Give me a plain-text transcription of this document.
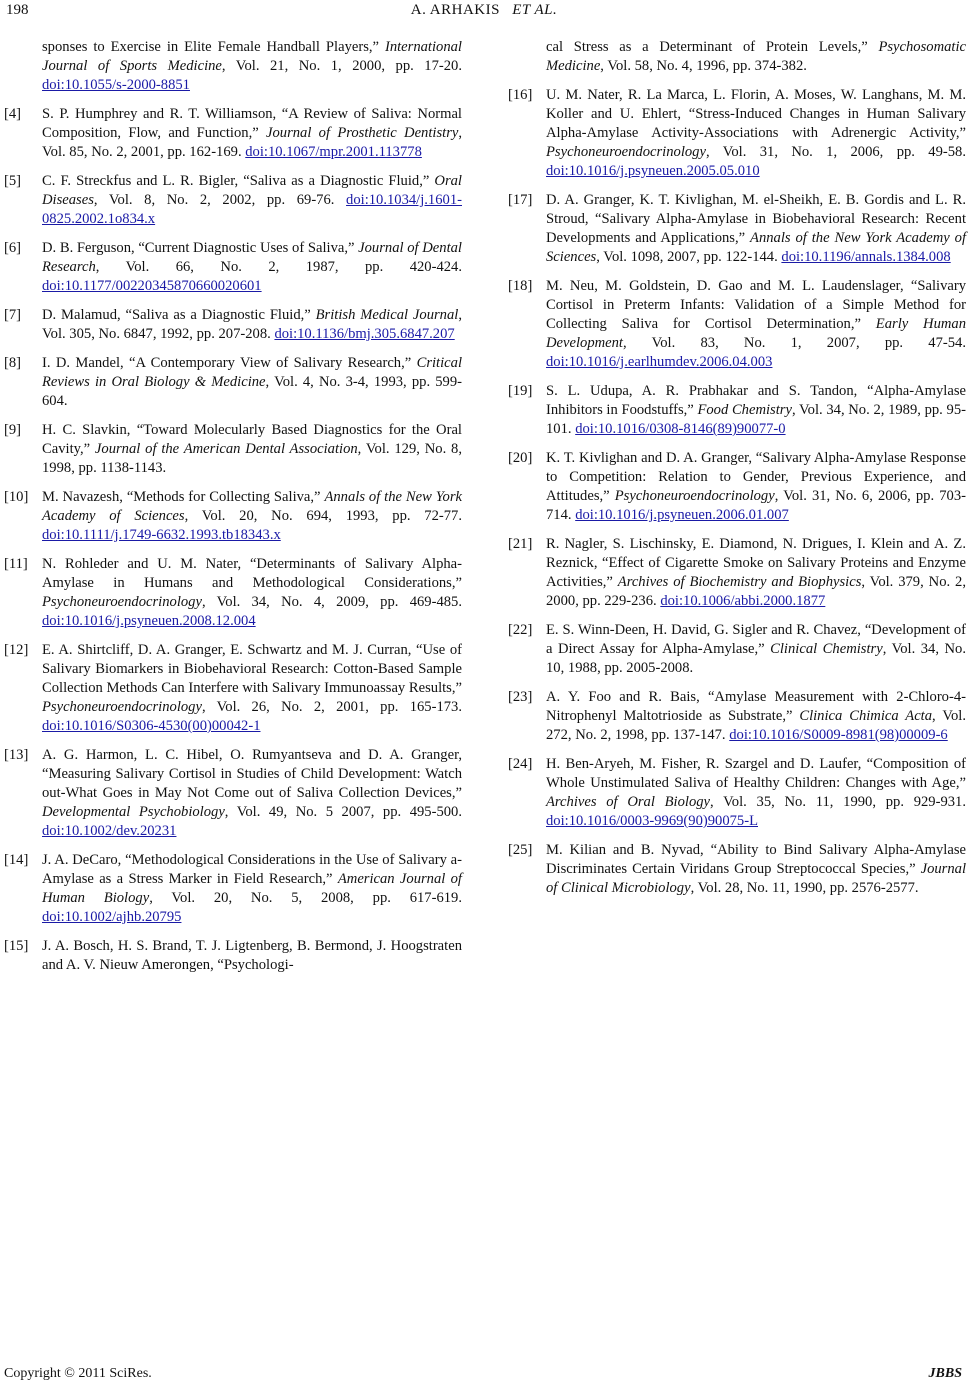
198	A. ARHAKIS ET AL.
sponses to Exercise in Elite Female Handball Players,” International Journal of Sports Medicine, Vol. 21, No. 1, 2000, pp. 17-20. doi:10.1055/s-2000-8851
[4] S. P. Humphrey and R. T. Williamson, “A Review of Saliva: Normal Composition, Flow, and Function,” Journal of Prosthetic Dentistry, Vol. 85, No. 2, 2001, pp. 162-169. doi:10.1067/mpr.2001.113778
[5] C. F. Streckfus and L. R. Bigler, “Saliva as a Diagnostic Fluid,” Oral Diseases, Vol. 8, No. 2, 2002, pp. 69-76. doi:10.1034/j.1601-0825.2002.1o834.x
[6] D. B. Ferguson, “Current Diagnostic Uses of Saliva,” Journal of Dental Research, Vol. 66, No. 2, 1987, pp. 420-424. doi:10.1177/00220345870660020601
[7] D. Malamud, “Saliva as a Diagnostic Fluid,” British Medical Journal, Vol. 305, No. 6847, 1992, pp. 207-208. doi:10.1136/bmj.305.6847.207
[8] I. D. Mandel, “A Contemporary View of Salivary Research,” Critical Reviews in Oral Biology & Medicine, Vol. 4, No. 3-4, 1993, pp. 599-604.
[9] H. C. Slavkin, “Toward Molecularly Based Diagnostics for the Oral Cavity,” Journal of the American Dental Association, Vol. 129, No. 8, 1998, pp. 1138-1143.
[10] M. Navazesh, “Methods for Collecting Saliva,” Annals of the New York Academy of Sciences, Vol. 20, No. 694, 1993, pp. 72-77. doi:10.1111/j.1749-6632.1993.tb18343.x
[11] N. Rohleder and U. M. Nater, “Determinants of Salivary Alpha-Amylase in Humans and Methodological Considerations,” Psychoneuroendocrinology, Vol. 34, No. 4, 2009, pp. 469-485. doi:10.1016/j.psyneuen.2008.12.004
[12] E. A. Shirtcliff, D. A. Granger, E. Schwartz and M. J. Curran, “Use of Salivary Biomarkers in Biobehavioral Research: Cotton-Based Sample Collection Methods Can Interfere with Salivary Immunoassay Results,” Psychoneuroendocrinology, Vol. 26, No. 2, 2001, pp. 165-173. doi:10.1016/S0306-4530(00)00042-1
[13] A. G. Harmon, L. C. Hibel, O. Rumyantseva and D. A. Granger, “Measuring Salivary Cortisol in Studies of Child Development: Watch out-What Goes in May Not Come out of Saliva Collection Devices,” Developmental Psychobiology, Vol. 49, No. 5 2007, pp. 495-500. doi:10.1002/dev.20231
[14] J. A. DeCaro, “Methodological Considerations in the Use of Salivary a-Amylase as a Stress Marker in Field Research,” American Journal of Human Biology, Vol. 20, No. 5, 2008, pp. 617-619. doi:10.1002/ajhb.20795
[15] J. A. Bosch, H. S. Brand, T. J. Ligtenberg, B. Bermond, J. Hoogstraten and A. V. Nieuw Amerongen, “Psychologi-
cal Stress as a Determinant of Protein Levels,” Psychosomatic Medicine, Vol. 58, No. 4, 1996, pp. 374-382.
[16] U. M. Nater, R. La Marca, L. Florin, A. Moses, W. Langhans, M. M. Koller and U. Ehlert, “Stress-Induced Changes in Human Salivary Alpha-Amylase Activity-Associations with Adrenergic Activity,” Psychoneuroendocrinology, Vol. 31, No. 1, 2006, pp. 49-58. doi:10.1016/j.psyneuen.2005.05.010
[17] D. A. Granger, K. T. Kivlighan, M. el-Sheikh, E. B. Gordis and L. R. Stroud, “Salivary Alpha-Amylase in Biobehavioral Research: Recent Developments and Applications,” Annals of the New York Academy of Sciences, Vol. 1098, 2007, pp. 122-144. doi:10.1196/annals.1384.008
[18] M. Neu, M. Goldstein, D. Gao and M. L. Laudenslager, “Salivary Cortisol in Preterm Infants: Validation of a Simple Method for Collecting Saliva for Cortisol Determination,” Early Human Development, Vol. 83, No. 1, 2007, pp. 47-54. doi:10.1016/j.earlhumdev.2006.04.003
[19] S. L. Udupa, A. R. Prabhakar and S. Tandon, “Alpha-Amylase Inhibitors in Foodstuffs,” Food Chemistry, Vol. 34, No. 2, 1989, pp. 95-101. doi:10.1016/0308-8146(89)90077-0
[20] K. T. Kivlighan and D. A. Granger, “Salivary Alpha-Amylase Response to Competition: Relation to Gender, Previous Experience, and Attitudes,” Psychoneuroendocrinology, Vol. 31, No. 6, 2006, pp. 703-714. doi:10.1016/j.psyneuen.2006.01.007
[21] R. Nagler, S. Lischinsky, E. Diamond, N. Drigues, I. Klein and A. Z. Reznick, “Effect of Cigarette Smoke on Salivary Proteins and Enzyme Activities,” Archives of Biochemistry and Biophysics, Vol. 379, No. 2, 2000, pp. 229-236. doi:10.1006/abbi.2000.1877
[22] E. S. Winn-Deen, H. David, G. Sigler and R. Chavez, “Development of a Direct Assay for Alpha-Amylase,” Clinical Chemistry, Vol. 34, No. 10, 1988, pp. 2005-2008.
[23] A. Y. Foo and R. Bais, “Amylase Measurement with 2-Chloro-4-Nitrophenyl Maltotrioside as Substrate,” Clinica Chimica Acta, Vol. 272, No. 2, 1998, pp. 137-147. doi:10.1016/S0009-8981(98)00009-6
[24] H. Ben-Aryeh, M. Fisher, R. Szargel and D. Laufer, “Composition of Whole Unstimulated Saliva of Healthy Children: Changes with Age,” Archives of Oral Biology, Vol. 35, No. 11, 1990, pp. 929-931. doi:10.1016/0003-9969(90)90075-L
[25] M. Kilian and B. Nyvad, “Ability to Bind Salivary Alpha-Amylase Discriminates Certain Viridans Group Streptococcal Species,” Journal of Clinical Microbiology, Vol. 28, No. 11, 1990, pp. 2576-2577.
Copyright © 2011 SciRes.	JBBS
